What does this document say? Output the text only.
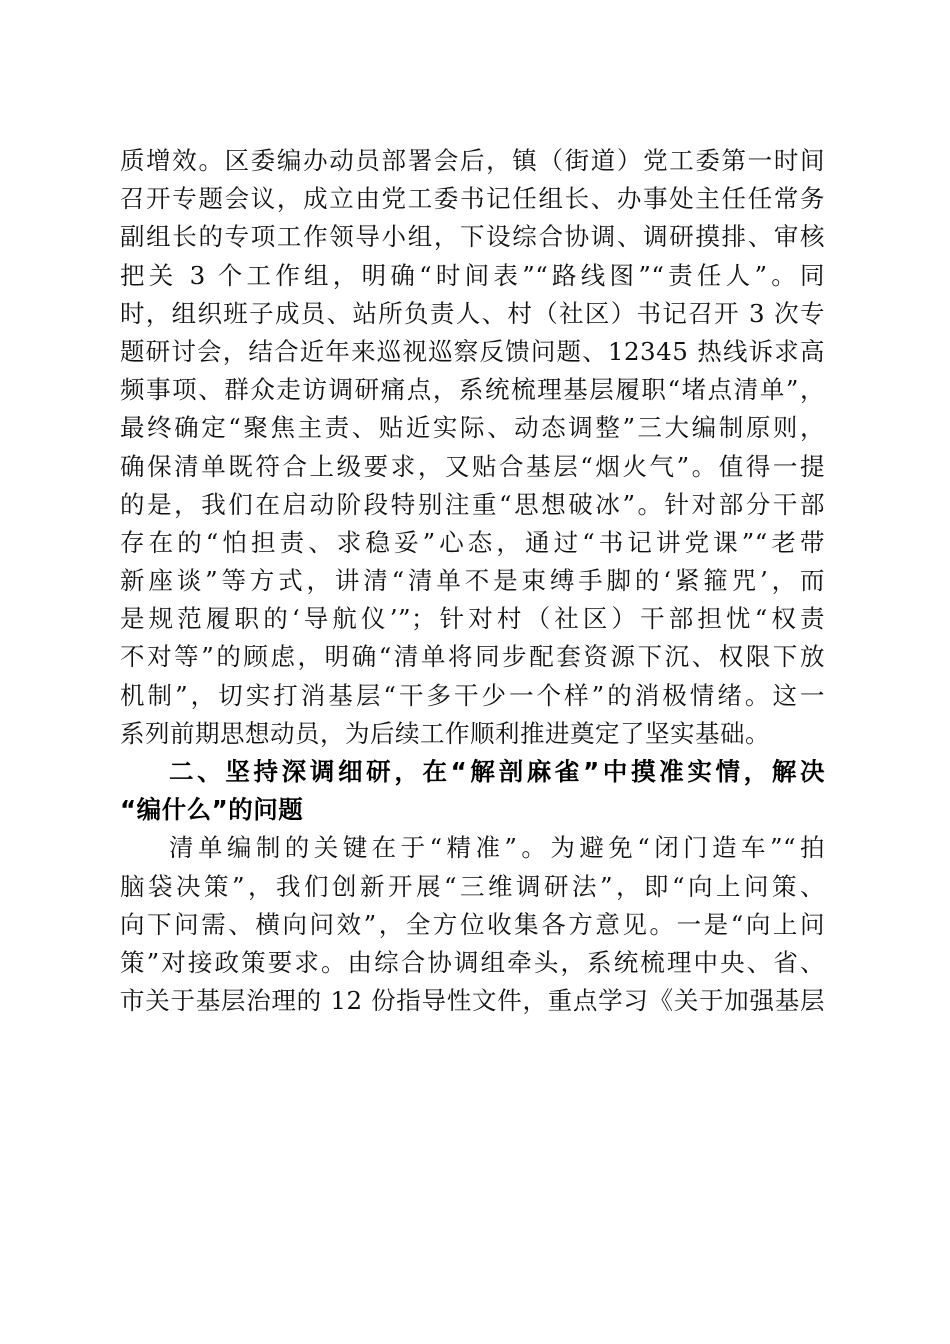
质增效。区委编办动员部署会后，镇（街道）党工委第一时间
召开专题会议，成立由党工委书记任组长、办事处主任任常务
副组长的专项工作领导小组，下设综合协调、调研摸排、审核
把关 3 个工作组，明确“时间表”“路线图”“责任人”。同
时，组织班子成员、站所负责人、村（社区）书记召开 3 次专
题研讨会，结合近年来巡视巡察反馈问题、12345 热线诉求高
频事项、群众走访调研痛点，系统梳理基层履职“堵点清单”，
最终确定“聚焦主责、贴近实际、动态调整”三大编制原则，
确保清单既符合上级要求，又贴合基层“烟火气”。值得一提
的是，我们在启动阶段特别注重“思想破冰”。针对部分干部
存在的“怕担责、求稳妥”心态，通过“书记讲党课”“老带
新座谈”等方式，讲清“清单不是束缚手脚的‘紧箍咒’，而
是规范履职的‘导航仪’”；针对村（社区）干部担忧“权责
不对等”的顾虑，明确“清单将同步配套资源下沉、权限下放
机制”，切实打消基层“干多干少一个样”的消极情绪。这一
系列前期思想动员，为后续工作顺利推进奠定了坚实基础。
二、坚持深调细研，在“解剖麻雀”中摸准实情，解决
“编什么”的问题
清单编制的关键在于“精准”。为避免“闭门造车”“拍
脑袋决策”，我们创新开展“三维调研法”，即“向上问策、
向下问需、横向问效”，全方位收集各方意见。一是“向上问
策”对接政策要求。由综合协调组牵头，系统梳理中央、省、
市关于基层治理的 12 份指导性文件，重点学习《关于加强基层
